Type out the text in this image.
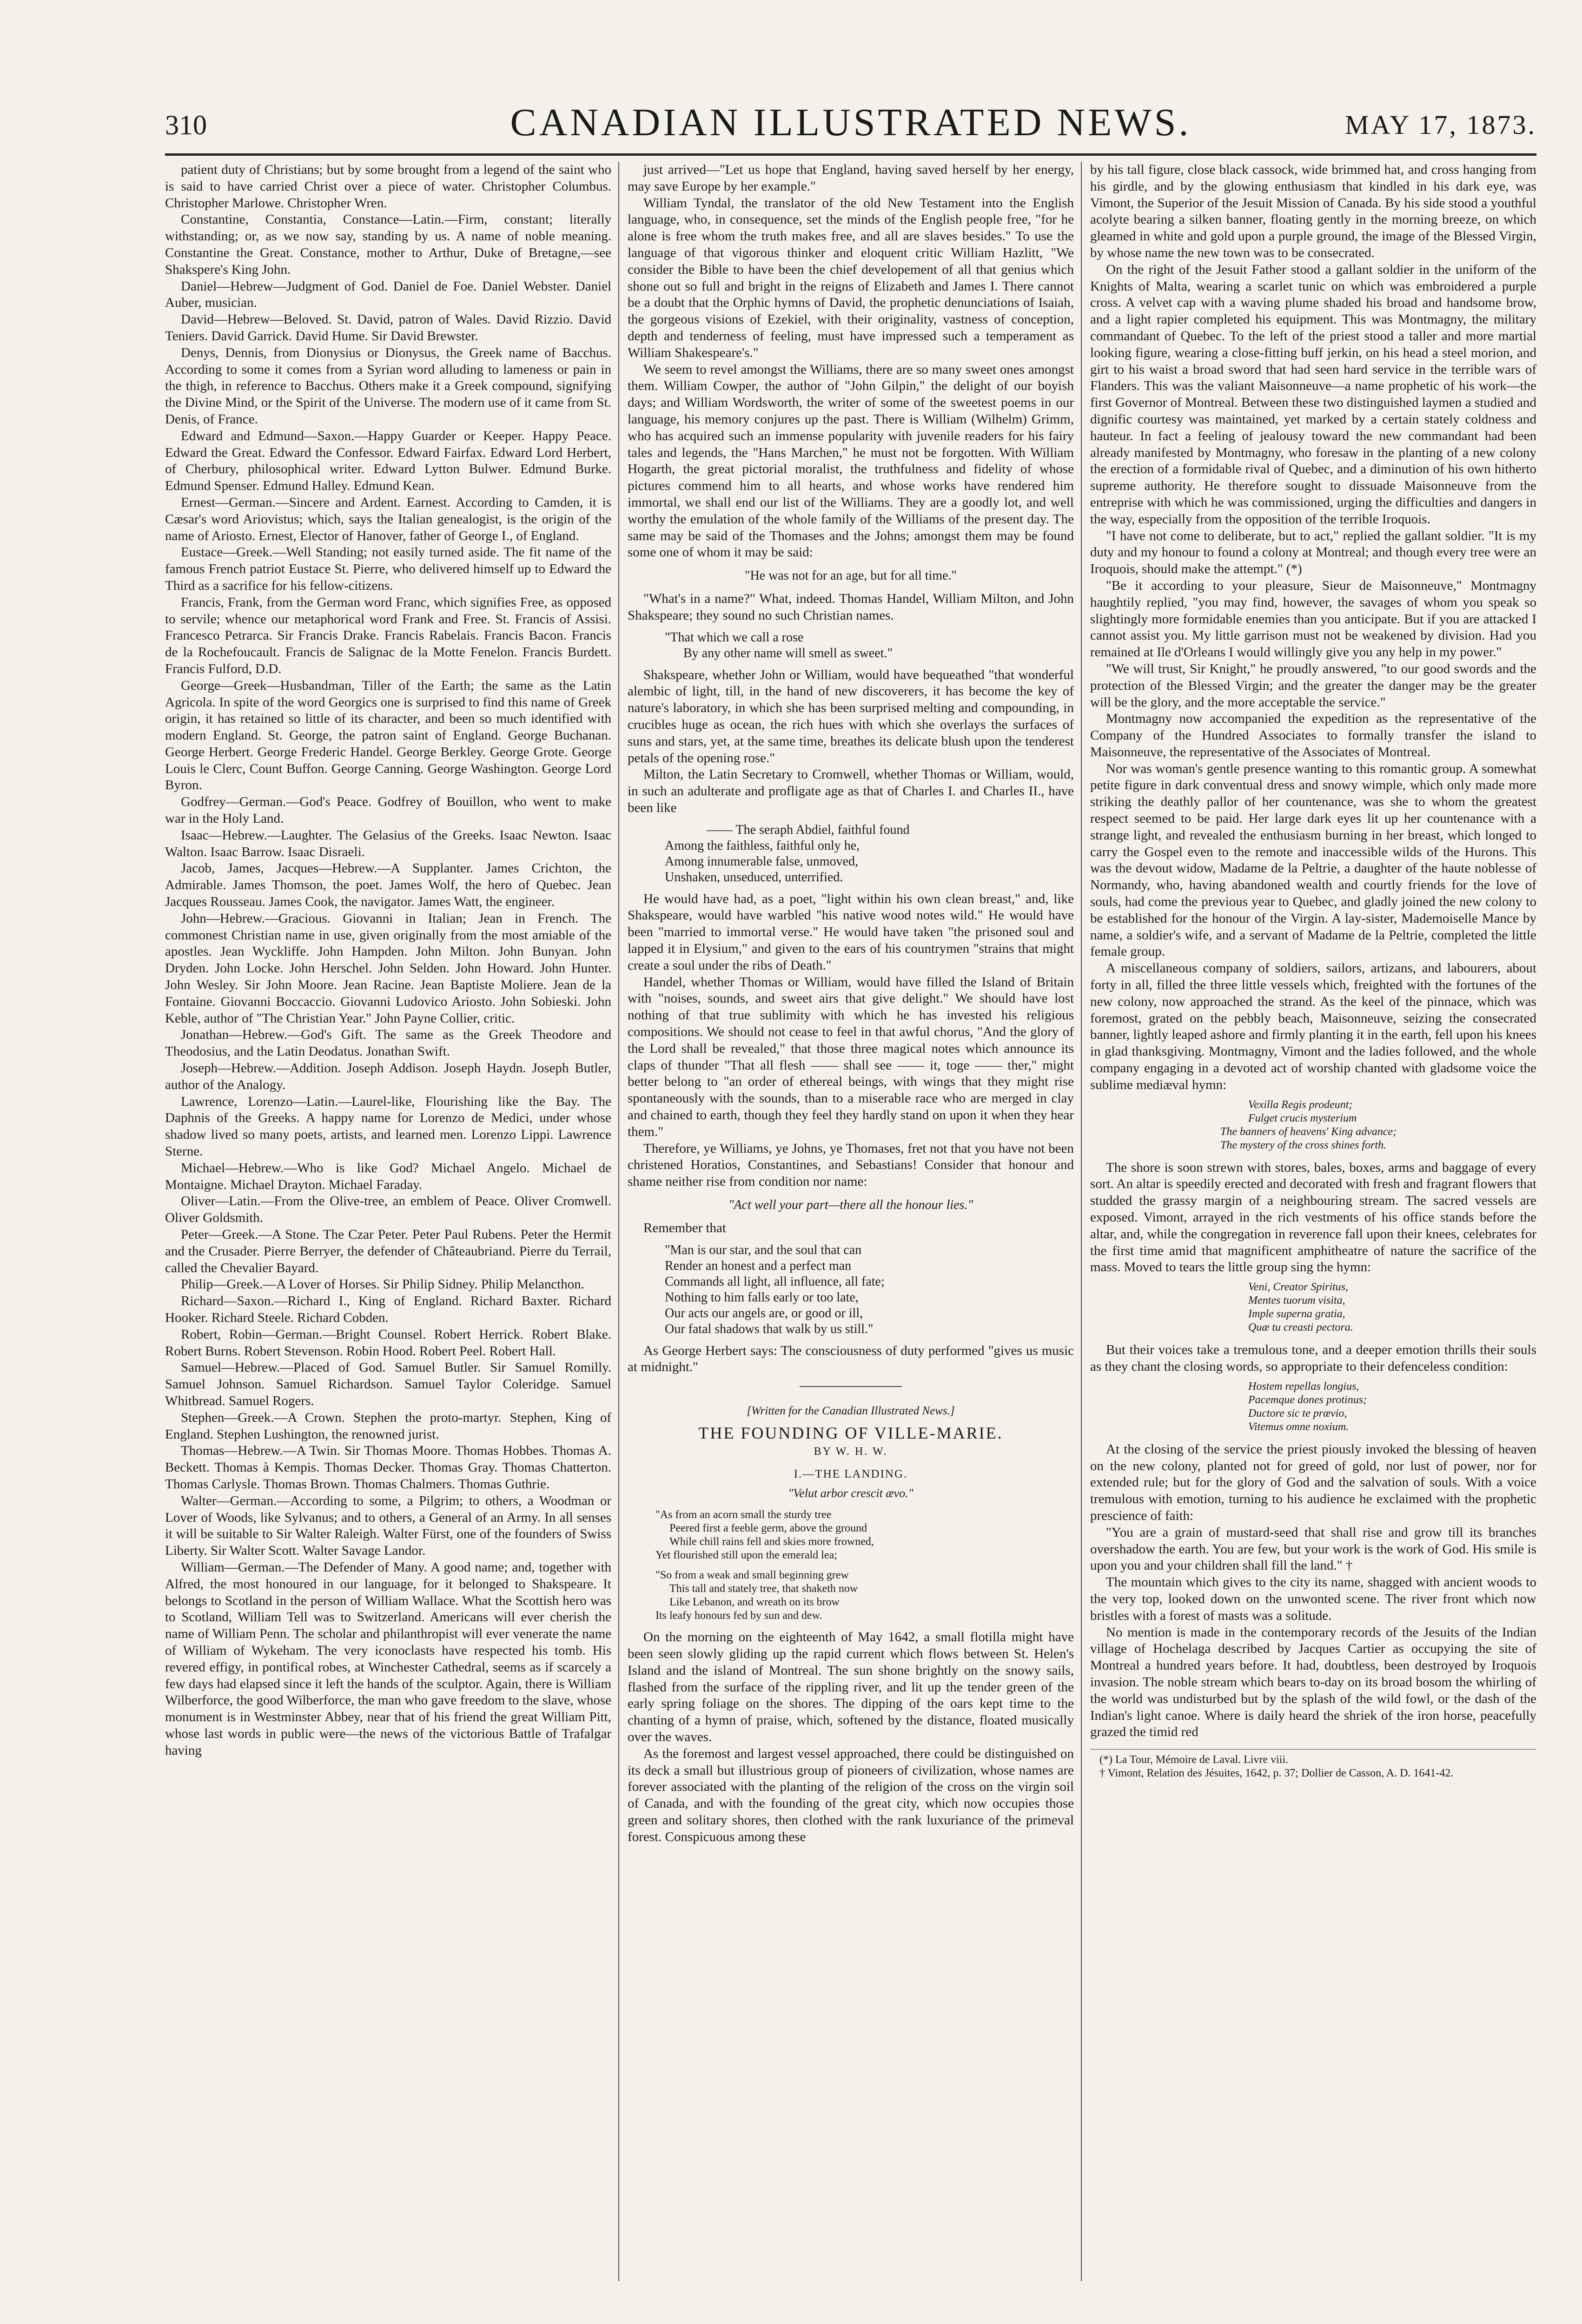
310	CANADIAN ILLUSTRATED NEWS.	MAY 17, 1873.

patient duty of Christians; but by some brought from a legend of the saint who is said to have carried Christ over a piece of water. Christopher Columbus. Christopher Marlowe. Christopher Wren.

Constantine, Constantia, Constance—Latin.—Firm, constant; literally withstanding; or, as we now say, standing by us. A name of noble meaning. Constantine the Great. Constance, mother to Arthur, Duke of Bretagne,—see Shakspere's King John.

Daniel—Hebrew—Judgment of God. Daniel de Foe. Daniel Webster. Daniel Auber, musician.

David—Hebrew—Beloved. St. David, patron of Wales. David Rizzio. David Teniers. David Garrick. David Hume. Sir David Brewster.

Denys, Dennis, from Dionysius or Dionysus, the Greek name of Bacchus. According to some it comes from a Syrian word alluding to lameness or pain in the thigh, in reference to Bacchus. Others make it a Greek compound, signifying the Divine Mind, or the Spirit of the Universe. The modern use of it came from St. Denis, of France.

Edward and Edmund—Saxon.—Happy Guarder or Keeper. Happy Peace. Edward the Great. Edward the Confessor. Edward Fairfax. Edward Lord Herbert, of Cherbury, philosophical writer. Edward Lytton Bulwer. Edmund Burke. Edmund Spenser. Edmund Halley. Edmund Kean.

Ernest—German.—Sincere and Ardent. Earnest. According to Camden, it is Cæsar's word Ariovistus; which, says the Italian genealogist, is the origin of the name of Ariosto. Ernest, Elector of Hanover, father of George I., of England.

Eustace—Greek.—Well Standing; not easily turned aside. The fit name of the famous French patriot Eustace St. Pierre, who delivered himself up to Edward the Third as a sacrifice for his fellow-citizens.

Francis, Frank, from the German word Franc, which signifies Free, as opposed to servile; whence our metaphorical word Frank and Free. St. Francis of Assisi. Francesco Petrarca. Sir Francis Drake. Francis Rabelais. Francis Bacon. Francis de la Rochefoucault. Francis de Salignac de la Motte Fenelon. Francis Burdett. Francis Fulford, D.D.

George—Greek—Husbandman, Tiller of the Earth; the same as the Latin Agricola. In spite of the word Georgics one is surprised to find this name of Greek origin, it has retained so little of its character, and been so much identified with modern England. St. George, the patron saint of England. George Buchanan. George Herbert. George Frederic Handel. George Berkley. George Grote. George Louis le Clerc, Count Buffon. George Canning. George Washington. George Lord Byron.

Godfrey—German.—God's Peace. Godfrey of Bouillon, who went to make war in the Holy Land.

Isaac—Hebrew.—Laughter. The Gelasius of the Greeks. Isaac Newton. Isaac Walton. Isaac Barrow. Isaac Disraeli.

Jacob, James, Jacques—Hebrew.—A Supplanter. James Crichton, the Admirable. James Thomson, the poet. James Wolf, the hero of Quebec. Jean Jacques Rousseau. James Cook, the navigator. James Watt, the engineer.

John—Hebrew.—Gracious. Giovanni in Italian; Jean in French. The commonest Christian name in use, given originally from the most amiable of the apostles. Jean Wyckliffe. John Hampden. John Milton. John Bunyan. John Dryden. John Locke. John Herschel. John Selden. John Howard. John Hunter. John Wesley. Sir John Moore. Jean Racine. Jean Baptiste Moliere. Jean de la Fontaine. Giovanni Boccaccio. Giovanni Ludovico Ariosto. John Sobieski. John Keble, author of "The Christian Year." John Payne Collier, critic.

Jonathan—Hebrew.—God's Gift. The same as the Greek Theodore and Theodosius, and the Latin Deodatus. Jonathan Swift.

Joseph—Hebrew.—Addition. Joseph Addison. Joseph Haydn. Joseph Butler, author of the Analogy.

Lawrence, Lorenzo—Latin.—Laurel-like, Flourishing like the Bay. The Daphnis of the Greeks. A happy name for Lorenzo de Medici, under whose shadow lived so many poets, artists, and learned men. Lorenzo Lippi. Lawrence Sterne.

Michael—Hebrew.—Who is like God? Michael Angelo. Michael de Montaigne. Michael Drayton. Michael Faraday.

Oliver—Latin.—From the Olive-tree, an emblem of Peace. Oliver Cromwell. Oliver Goldsmith.

Peter—Greek.—A Stone. The Czar Peter. Peter Paul Rubens. Peter the Hermit and the Crusader. Pierre Berryer, the defender of Châteaubriand. Pierre du Terrail, called the Chevalier Bayard.

Philip—Greek.—A Lover of Horses. Sir Philip Sidney. Philip Melancthon.

Richard—Saxon.—Richard I., King of England. Richard Baxter. Richard Hooker. Richard Steele. Richard Cobden.

Robert, Robin—German.—Bright Counsel. Robert Herrick. Robert Blake. Robert Burns. Robert Stevenson. Robin Hood. Robert Peel. Robert Hall.

Samuel—Hebrew.—Placed of God. Samuel Butler. Sir Samuel Romilly. Samuel Johnson. Samuel Richardson. Samuel Taylor Coleridge. Samuel Whitbread. Samuel Rogers.

Stephen—Greek.—A Crown. Stephen the proto-martyr. Stephen, King of England. Stephen Lushington, the renowned jurist.

Thomas—Hebrew.—A Twin. Sir Thomas Moore. Thomas Hobbes. Thomas A. Beckett. Thomas à Kempis. Thomas Decker. Thomas Gray. Thomas Chatterton. Thomas Carlysle. Thomas Brown. Thomas Chalmers. Thomas Guthrie.

Walter—German.—According to some, a Pilgrim; to others, a Woodman or Lover of Woods, like Sylvanus; and to others, a General of an Army. In all senses it will be suitable to Sir Walter Raleigh. Walter Fürst, one of the founders of Swiss Liberty. Sir Walter Scott. Walter Savage Landor.

William—German.—The Defender of Many. A good name; and, together with Alfred, the most honoured in our language, for it belonged to Shakspeare. It belongs to Scotland in the person of William Wallace. What the Scottish hero was to Scotland, William Tell was to Switzerland. Americans will ever cherish the name of William Penn. The scholar and philanthropist will ever venerate the name of William of Wykeham. The very iconoclasts have respected his tomb. His revered effigy, in pontifical robes, at Winchester Cathedral, seems as if scarcely a few days had elapsed since it left the hands of the sculptor. Again, there is William Wilberforce, the good Wilberforce, the man who gave freedom to the slave, whose monument is in Westminster Abbey, near that of his friend the great William Pitt, whose last words in public were—the news of the victorious Battle of Trafalgar having

just arrived—"Let us hope that England, having saved herself by her energy, may save Europe by her example."

William Tyndal, the translator of the old New Testament into the English language, who, in consequence, set the minds of the English people free, "for he alone is free whom the truth makes free, and all are slaves besides." To use the language of that vigorous thinker and eloquent critic William Hazlitt, "We consider the Bible to have been the chief developement of all that genius which shone out so full and bright in the reigns of Elizabeth and James I. There cannot be a doubt that the Orphic hymns of David, the prophetic denunciations of Isaiah, the gorgeous visions of Ezekiel, with their originality, vastness of conception, depth and tenderness of feeling, must have impressed such a temperament as William Shakespeare's."

We seem to revel amongst the Williams, there are so many sweet ones amongst them. William Cowper, the author of "John Gilpin," the delight of our boyish days; and William Wordsworth, the writer of some of the sweetest poems in our language, his memory conjures up the past. There is William (Wilhelm) Grimm, who has acquired such an immense popularity with juvenile readers for his fairy tales and legends, the "Hans Marchen," he must not be forgotten. With William Hogarth, the great pictorial moralist, the truthfulness and fidelity of whose pictures commend him to all hearts, and whose works have rendered him immortal, we shall end our list of the Williams. They are a goodly lot, and well worthy the emulation of the whole family of the Williams of the present day. The same may be said of the Thomases and the Johns; amongst them may be found some one of whom it may be said:

"He was not for an age, but for all time."

"What's in a name?" What, indeed. Thomas Handel, William Milton, and John Shakspeare; they sound no such Christian names.

"That which we call a rose
By any other name will smell as sweet."

Shakspeare, whether John or William, would have bequeathed "that wonderful alembic of light, till, in the hand of new discoverers, it has become the key of nature's laboratory, in which she has been surprised melting and compounding, in crucibles huge as ocean, the rich hues with which she overlays the surfaces of suns and stars, yet, at the same time, breathes its delicate blush upon the tenderest petals of the opening rose."

Milton, the Latin Secretary to Cromwell, whether Thomas or William, would, in such an adulterate and profligate age as that of Charles I. and Charles II., have been like

—— The seraph Abdiel, faithful found
Among the faithless, faithful only he,
Among innumerable false, unmoved,
Unshaken, unseduced, unterrified.

He would have had, as a poet, "light within his own clean breast," and, like Shakspeare, would have warbled "his native wood notes wild." He would have been "married to immortal verse." He would have taken "the prisoned soul and lapped it in Elysium," and given to the ears of his countrymen "strains that might create a soul under the ribs of Death."

Handel, whether Thomas or William, would have filled the Island of Britain with "noises, sounds, and sweet airs that give delight." We should have lost nothing of that true sublimity with which he has invested his religious compositions. We should not cease to feel in that awful chorus, "And the glory of the Lord shall be revealed," that those three magical notes which announce its claps of thunder "That all flesh —— shall see —— it, toge —— ther," might better belong to "an order of ethereal beings, with wings that they might rise spontaneously with the sounds, than to a miserable race who are merged in clay and chained to earth, though they feel they hardly stand on upon it when they hear them."

Therefore, ye Williams, ye Johns, ye Thomases, fret not that you have not been christened Horatios, Constantines, and Sebastians! Consider that honour and shame neither rise from condition nor name:

"Act well your part—there all the honour lies."

Remember that

"Man is our star, and the soul that can
Render an honest and a perfect man
Commands all light, all influence, all fate;
Nothing to him falls early or too late,
Our acts our angels are, or good or ill,
Our fatal shadows that walk by us still."

As George Herbert says: The consciousness of duty performed "gives us music at midnight."

[Written for the Canadian Illustrated News.]
THE FOUNDING OF VILLE-MARIE.
BY W. H. W.
I.—THE LANDING.
"Velut arbor crescit ævo."
"As from an acorn small the sturdy tree
Peered first a feeble germ, above the ground
While chill rains fell and skies more frowned,
Yet flourished still upon the emerald lea;
"So from a weak and small beginning grew
This tall and stately tree, that shaketh now
Like Lebanon, and wreath on its brow
Its leafy honours fed by sun and dew.

On the morning on the eighteenth of May 1642, a small flotilla might have been seen slowly gliding up the rapid current which flows between St. Helen's Island and the island of Montreal. The sun shone brightly on the snowy sails, flashed from the surface of the rippling river, and lit up the tender green of the early spring foliage on the shores. The dipping of the oars kept time to the chanting of a hymn of praise, which, softened by the distance, floated musically over the waves.

As the foremost and largest vessel approached, there could be distinguished on its deck a small but illustrious group of pioneers of civilization, whose names are forever associated with the planting of the religion of the cross on the virgin soil of Canada, and with the founding of the great city, which now occupies those green and solitary shores, then clothed with the rank luxuriance of the primeval forest. Conspicuous among these

by his tall figure, close black cassock, wide brimmed hat, and cross hanging from his girdle, and by the glowing enthusiasm that kindled in his dark eye, was Vimont, the Superior of the Jesuit Mission of Canada. By his side stood a youthful acolyte bearing a silken banner, floating gently in the morning breeze, on which gleamed in white and gold upon a purple ground, the image of the Blessed Virgin, by whose name the new town was to be consecrated.

On the right of the Jesuit Father stood a gallant soldier in the uniform of the Knights of Malta, wearing a scarlet tunic on which was embroidered a purple cross. A velvet cap with a waving plume shaded his broad and handsome brow, and a light rapier completed his equipment. This was Montmagny, the military commandant of Quebec. To the left of the priest stood a taller and more martial looking figure, wearing a close-fitting buff jerkin, on his head a steel morion, and girt to his waist a broad sword that had seen hard service in the terrible wars of Flanders. This was the valiant Maisonneuve—a name prophetic of his work—the first Governor of Montreal. Between these two distinguished laymen a studied and dignific courtesy was maintained, yet marked by a certain stately coldness and hauteur. In fact a feeling of jealousy toward the new commandant had been already manifested by Montmagny, who foresaw in the planting of a new colony the erection of a formidable rival of Quebec, and a diminution of his own hitherto supreme authority. He therefore sought to dissuade Maisonneuve from the entreprise with which he was commissioned, urging the difficulties and dangers in the way, especially from the opposition of the terrible Iroquois.

"I have not come to deliberate, but to act," replied the gallant soldier. "It is my duty and my honour to found a colony at Montreal; and though every tree were an Iroquois, should make the attempt." (*)

"Be it according to your pleasure, Sieur de Maisonneuve," Montmagny haughtily replied, "you may find, however, the savages of whom you speak so slightingly more formidable enemies than you anticipate. But if you are attacked I cannot assist you. My little garrison must not be weakened by division. Had you remained at Ile d'Orleans I would willingly give you any help in my power."

"We will trust, Sir Knight," he proudly answered, "to our good swords and the protection of the Blessed Virgin; and the greater the danger may be the greater will be the glory, and the more acceptable the service."

Montmagny now accompanied the expedition as the representative of the Company of the Hundred Associates to formally transfer the island to Maisonneuve, the representative of the Associates of Montreal.

Nor was woman's gentle presence wanting to this romantic group. A somewhat petite figure in dark conventual dress and snowy wimple, which only made more striking the deathly pallor of her countenance, was she to whom the greatest respect seemed to be paid. Her large dark eyes lit up her countenance with a strange light, and revealed the enthusiasm burning in her breast, which longed to carry the Gospel even to the remote and inaccessible wilds of the Hurons. This was the devout widow, Madame de la Peltrie, a daughter of the haute noblesse of Normandy, who, having abandoned wealth and courtly friends for the love of souls, had come the previous year to Quebec, and gladly joined the new colony to be established for the honour of the Virgin. A lay-sister, Mademoiselle Mance by name, a soldier's wife, and a servant of Madame de la Peltrie, completed the little female group.

A miscellaneous company of soldiers, sailors, artizans, and labourers, about forty in all, filled the three little vessels which, freighted with the fortunes of the new colony, now approached the strand. As the keel of the pinnace, which was foremost, grated on the pebbly beach, Maisonneuve, seizing the consecrated banner, lightly leaped ashore and firmly planting it in the earth, fell upon his knees in glad thanksgiving. Montmagny, Vimont and the ladies followed, and the whole company engaging in a devoted act of worship chanted with gladsome voice the sublime mediæval hymn:

Vexilla Regis prodeunt;
Fulget crucis mysterium
The banners of heavens' King advance;
The mystery of the cross shines forth.

The shore is soon strewn with stores, bales, boxes, arms and baggage of every sort. An altar is speedily erected and decorated with fresh and fragrant flowers that studded the grassy margin of a neighbouring stream. The sacred vessels are exposed. Vimont, arrayed in the rich vestments of his office stands before the altar, and, while the congregation in reverence fall upon their knees, celebrates for the first time amid that magnificent amphitheatre of nature the sacrifice of the mass. Moved to tears the little group sing the hymn:

Veni, Creator Spiritus,
Mentes tuorum visita,
Imple superna gratia,
Quæ tu creasti pectora.

But their voices take a tremulous tone, and a deeper emotion thrills their souls as they chant the closing words, so appropriate to their defenceless condition:

Hostem repellas longius,
Pacemque dones protinus;
Ductore sic te prævio,
Vitemus omne noxium.

At the closing of the service the priest piously invoked the blessing of heaven on the new colony, planted not for greed of gold, nor lust of power, nor for extended rule; but for the glory of God and the salvation of souls. With a voice tremulous with emotion, turning to his audience he exclaimed with the prophetic prescience of faith:

"You are a grain of mustard-seed that shall rise and grow till its branches overshadow the earth. You are few, but your work is the work of God. His smile is upon you and your children shall fill the land." †

The mountain which gives to the city its name, shagged with ancient woods to the very top, looked down on the unwonted scene. The river front which now bristles with a forest of masts was a solitude.

No mention is made in the contemporary records of the Jesuits of the Indian village of Hochelaga described by Jacques Cartier as occupying the site of Montreal a hundred years before. It had, doubtless, been destroyed by Iroquois invasion. The noble stream which bears to-day on its broad bosom the whirling of the world was undisturbed but by the splash of the wild fowl, or the dash of the Indian's light canoe. Where is daily heard the shriek of the iron horse, peacefully grazed the timid red

(*) La Tour, Mémoire de Laval. Livre viii.
† Vimont, Relation des Jésuites, 1642, p. 37; Dollier de Casson, A. D. 1641-42.
